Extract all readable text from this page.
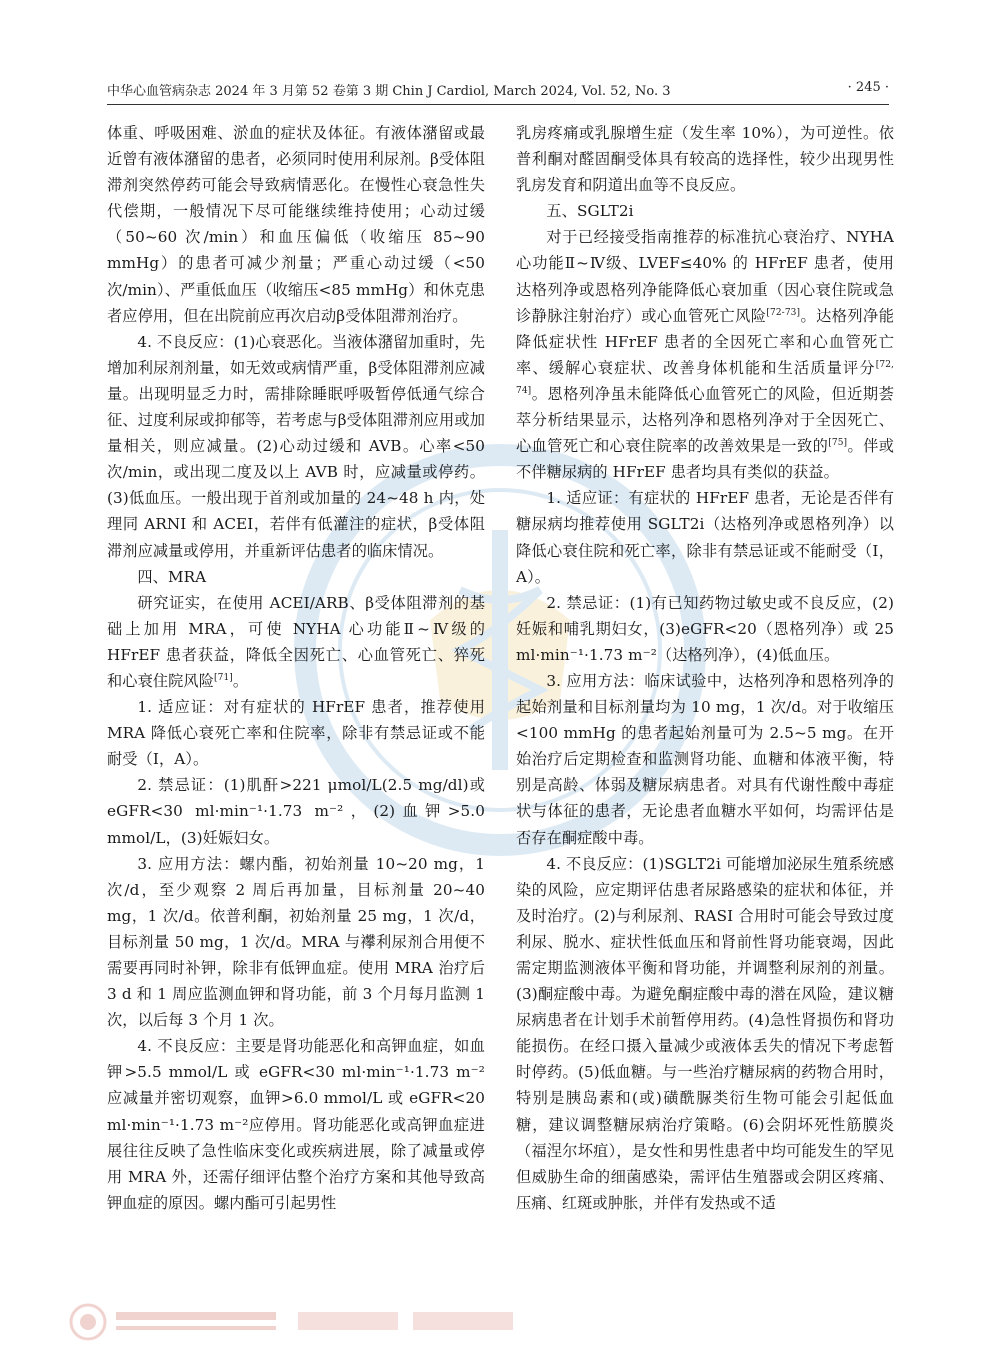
中华心血管病杂志 2024 年 3 月第 52 卷第 3 期 Chin J Cardiol, March 2024, Vol. 52, No. 3	· 245 ·

体重、呼吸困难、淤血的症状及体征。有液体潴留或最近曾有液体潴留的患者，必须同时使用利尿剂。β受体阻滞剂突然停药可能会导致病情恶化。在慢性心衰急性失代偿期，一般情况下尽可能继续维持使用；心动过缓（50~60 次/min）和血压偏低（收缩压 85~90 mmHg）的患者可减少剂量；严重心动过缓（<50 次/min）、严重低血压（收缩压<85 mmHg）和休克患者应停用，但在出院前应再次启动β受体阻滞剂治疗。

4. 不良反应：(1)心衰恶化。当液体潴留加重时，先增加利尿剂剂量，如无效或病情严重，β受体阻滞剂应减量。出现明显乏力时，需排除睡眠呼吸暂停低通气综合征、过度利尿或抑郁等，若考虑与β受体阻滞剂应用或加量相关，则应减量。(2)心动过缓和 AVB。心率<50 次/min，或出现二度及以上 AVB 时，应减量或停药。(3)低血压。一般出现于首剂或加量的 24~48 h 内，处理同 ARNI 和 ACEI，若伴有低灌注的症状，β受体阻滞剂应减量或停用，并重新评估患者的临床情况。

四、MRA

研究证实，在使用 ACEI/ARB、β受体阻滞剂的基础上加用 MRA，可使 NYHA 心功能Ⅱ~Ⅳ级的 HFrEF 患者获益，降低全因死亡、心血管死亡、猝死和心衰住院风险[71]。

1. 适应证：对有症状的 HFrEF 患者，推荐使用 MRA 降低心衰死亡率和住院率，除非有禁忌证或不能耐受（Ⅰ，A）。

2. 禁忌证：(1)肌酐>221 μmol/L(2.5 mg/dl)或 eGFR<30 ml·min⁻¹·1.73 m⁻²，(2)血钾>5.0 mmol/L，(3)妊娠妇女。

3. 应用方法：螺内酯，初始剂量 10~20 mg，1 次/d，至少观察 2 周后再加量，目标剂量 20~40 mg，1 次/d。依普利酮，初始剂量 25 mg，1 次/d，目标剂量 50 mg，1 次/d。MRA 与襻利尿剂合用便不需要再同时补钾，除非有低钾血症。使用 MRA 治疗后 3 d 和 1 周应监测血钾和肾功能，前 3 个月每月监测 1 次，以后每 3 个月 1 次。

4. 不良反应：主要是肾功能恶化和高钾血症，如血钾>5.5 mmol/L 或 eGFR<30 ml·min⁻¹·1.73 m⁻² 应减量并密切观察，血钾>6.0 mmol/L 或 eGFR<20 ml·min⁻¹·1.73 m⁻²应停用。肾功能恶化或高钾血症进展往往反映了急性临床变化或疾病进展，除了减量或停用 MRA 外，还需仔细评估整个治疗方案和其他导致高钾血症的原因。螺内酯可引起男性

乳房疼痛或乳腺增生症（发生率 10%），为可逆性。依普利酮对醛固酮受体具有较高的选择性，较少出现男性乳房发育和阴道出血等不良反应。

五、SGLT2i

对于已经接受指南推荐的标准抗心衰治疗、NYHA 心功能Ⅱ~Ⅳ级、LVEF≤40% 的 HFrEF 患者，使用达格列净或恩格列净能降低心衰加重（因心衰住院或急诊静脉注射治疗）或心血管死亡风险[72-73]。达格列净能降低症状性 HFrEF 患者的全因死亡率和心血管死亡率、缓解心衰症状、改善身体机能和生活质量评分[72, 74]。恩格列净虽未能降低心血管死亡的风险，但近期荟萃分析结果显示，达格列净和恩格列净对于全因死亡、心血管死亡和心衰住院率的改善效果是一致的[75]。伴或不伴糖尿病的 HFrEF 患者均具有类似的获益。

1. 适应证：有症状的 HFrEF 患者，无论是否伴有糖尿病均推荐使用 SGLT2i（达格列净或恩格列净）以降低心衰住院和死亡率，除非有禁忌证或不能耐受（Ⅰ，A）。

2. 禁忌证：(1)有已知药物过敏史或不良反应，(2)妊娠和哺乳期妇女，(3)eGFR<20（恩格列净）或 25 ml·min⁻¹·1.73 m⁻²（达格列净），(4)低血压。

3. 应用方法：临床试验中，达格列净和恩格列净的起始剂量和目标剂量均为 10 mg，1 次/d。对于收缩压<100 mmHg 的患者起始剂量可为 2.5~5 mg。在开始治疗后定期检查和监测肾功能、血糖和体液平衡，特别是高龄、体弱及糖尿病患者。对具有代谢性酸中毒症状与体征的患者，无论患者血糖水平如何，均需评估是否存在酮症酸中毒。

4. 不良反应：(1)SGLT2i 可能增加泌尿生殖系统感染的风险，应定期评估患者尿路感染的症状和体征，并及时治疗。(2)与利尿剂、RASI 合用时可能会导致过度利尿、脱水、症状性低血压和肾前性肾功能衰竭，因此需定期监测液体平衡和肾功能，并调整利尿剂的剂量。(3)酮症酸中毒。为避免酮症酸中毒的潜在风险，建议糖尿病患者在计划手术前暂停用药。(4)急性肾损伤和肾功能损伤。在经口摄入量减少或液体丢失的情况下考虑暂时停药。(5)低血糖。与一些治疗糖尿病的药物合用时，特别是胰岛素和(或)磺酰脲类衍生物可能会引起低血糖，建议调整糖尿病治疗策略。(6)会阴坏死性筋膜炎（福涅尔坏疽），是女性和男性患者中均可能发生的罕见但威胁生命的细菌感染，需评估生殖器或会阴区疼痛、压痛、红斑或肿胀，并伴有发热或不适
